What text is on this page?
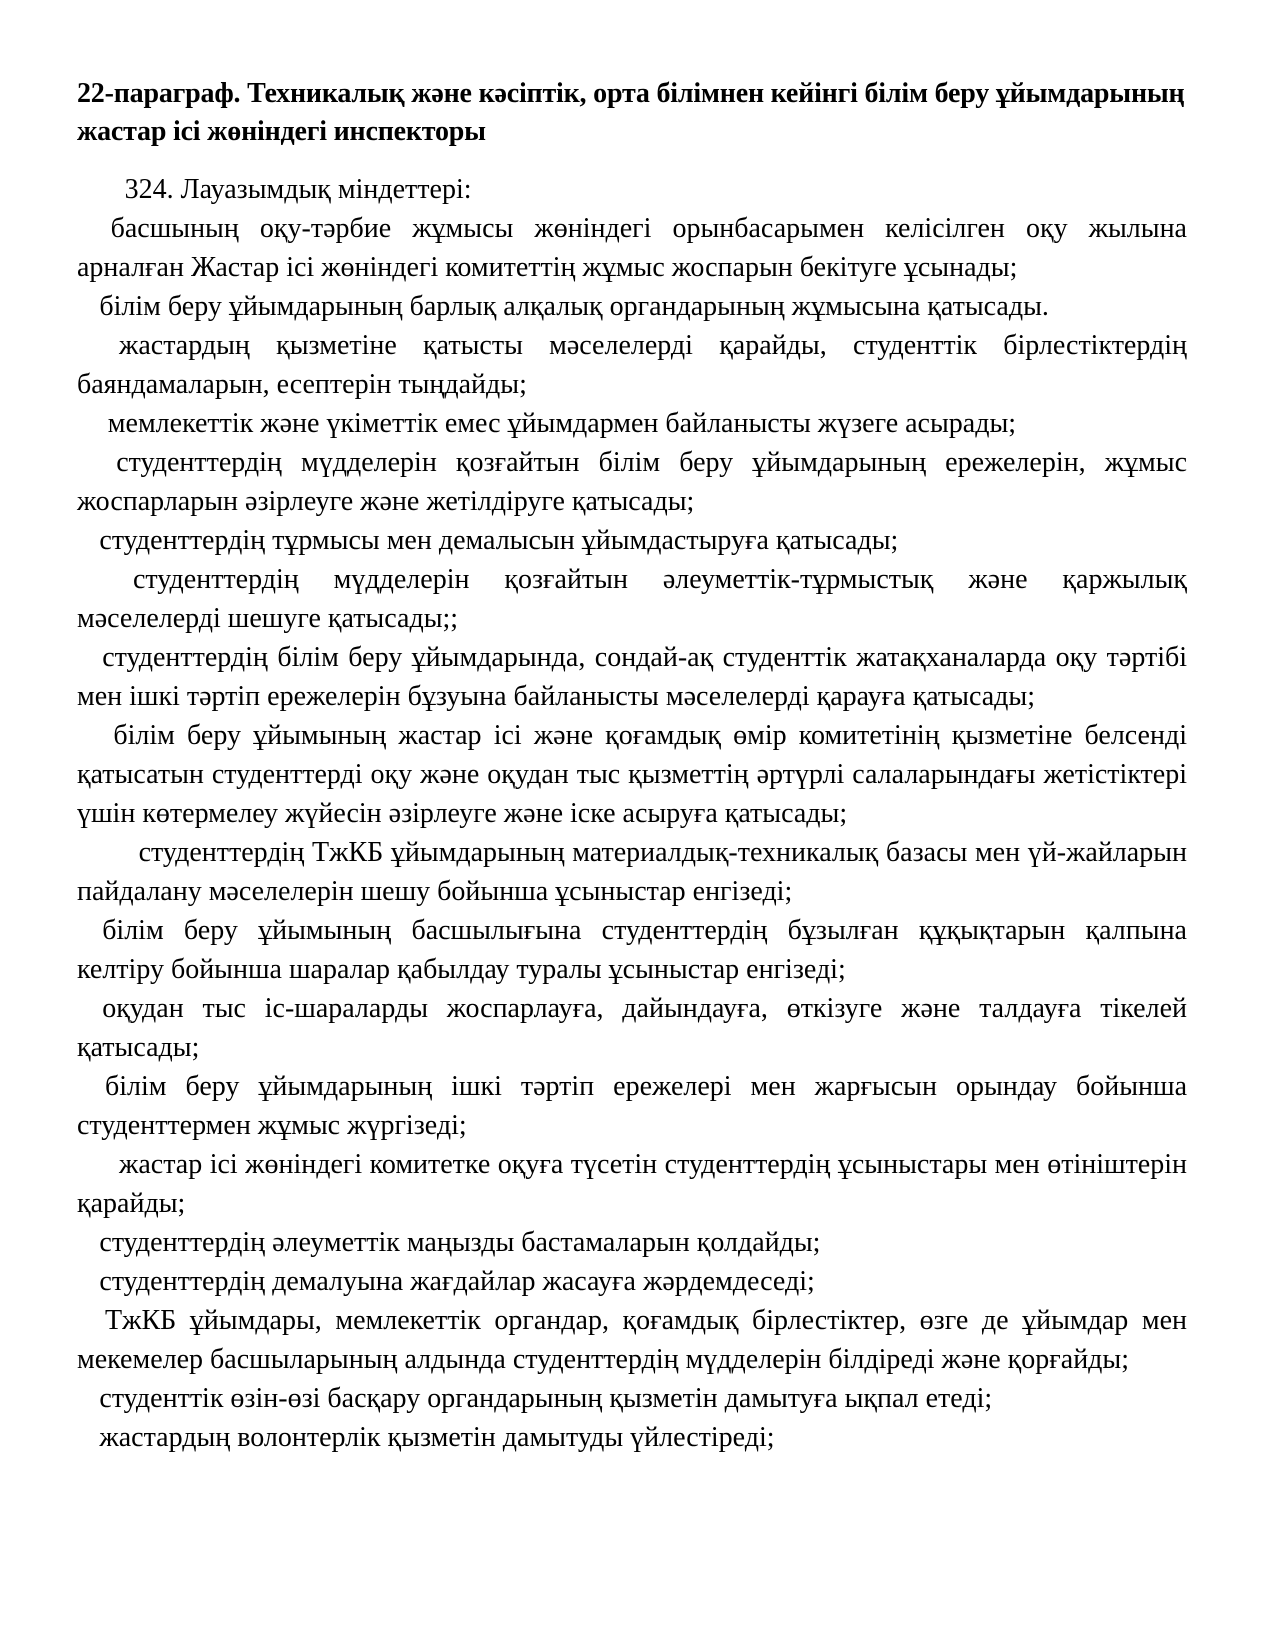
22-параграф. Техникалық және кәсіптік, орта білімнен кейінгі білім беру ұйымдарының жастар ісі жөніндегі инспекторы

324. Лауазымдық міндеттері:

басшының оқу-тәрбие жұмысы жөніндегі орынбасарымен келісілген оқу жылына арналған Жастар ісі жөніндегі комитеттің жұмыс жоспарын бекітуге ұсынады;

білім беру ұйымдарының барлық алқалық органдарының жұмысына қатысады.

жастардың қызметіне қатысты мәселелерді қарайды, студенттік бірлестіктердің баяндамаларын, есептерін тыңдайды;

мемлекеттік және үкіметтік емес ұйымдармен байланысты жүзеге асырады;

студенттердің мүдделерін қозғайтын білім беру ұйымдарының ережелерін, жұмыс жоспарларын әзірлеуге және жетілдіруге қатысады;

студенттердің тұрмысы мен демалысын ұйымдастыруға қатысады;

студенттердің мүдделерін қозғайтын әлеуметтік-тұрмыстық және қаржылық мәселелерді шешуге қатысады;;

студенттердің білім беру ұйымдарында, сондай-ақ студенттік жатақханаларда оқу тәртібі мен ішкі тәртіп ережелерін бұзуына байланысты мәселелерді қарауға қатысады;

білім беру ұйымының жастар ісі және қоғамдық өмір комитетінің қызметіне белсенді қатысатын студенттерді оқу және оқудан тыс қызметтің әртүрлі салаларындағы жетістіктері үшін көтермелеу жүйесін әзірлеуге және іске асыруға қатысады;

студенттердің ТжКБ ұйымдарының материалдық-техникалық базасы мен үй-жайларын пайдалану мәселелерін шешу бойынша ұсыныстар енгізеді;

білім беру ұйымының басшылығына студенттердің бұзылған құқықтарын қалпына келтіру бойынша шаралар қабылдау туралы ұсыныстар енгізеді;

оқудан тыс іс-шараларды жоспарлауға, дайындауға, өткізуге және талдауға тікелей қатысады;

білім беру ұйымдарының ішкі тәртіп ережелері мен жарғысын орындау бойынша студенттермен жұмыс жүргізеді;

жастар ісі жөніндегі комитетке оқуға түсетін студенттердің ұсыныстары мен өтініштерін қарайды;

студенттердің әлеуметтік маңызды бастамаларын қолдайды;

студенттердің демалуына жағдайлар жасауға жәрдемдеседі;

ТжКБ ұйымдары, мемлекеттік органдар, қоғамдық бірлестіктер, өзге де ұйымдар мен мекемелер басшыларының алдында студенттердің мүдделерін білдіреді және қорғайды;

студенттік өзін-өзі басқару органдарының қызметін дамытуға ықпал етеді;

жастардың волонтерлік қызметін дамытуды үйлестіреді;
